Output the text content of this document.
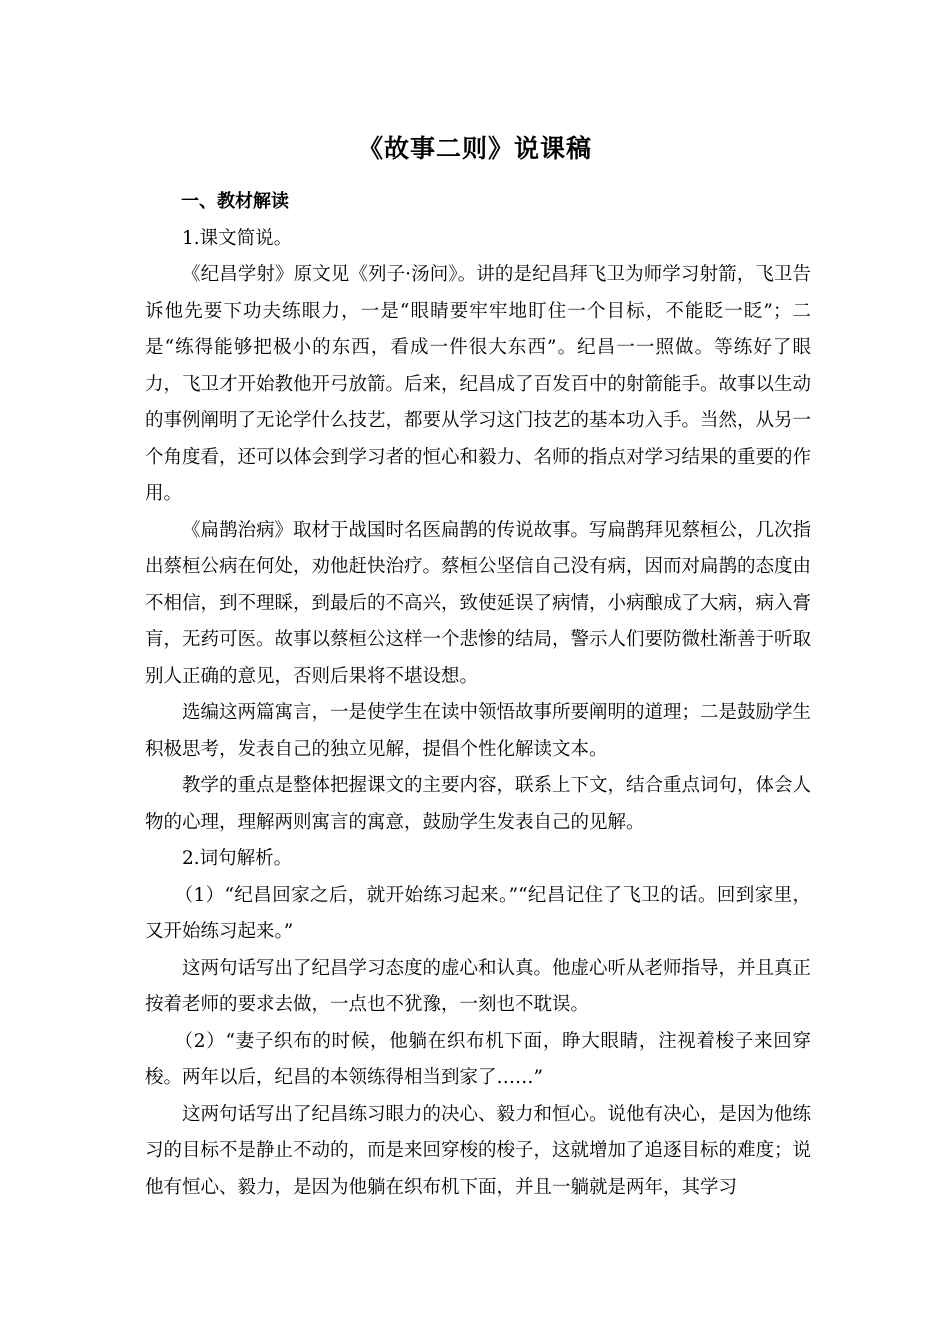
《故事二则》说课稿

一、教材解读

1.课文简说。

《纪昌学射》原文见《列子·汤问》。讲的是纪昌拜飞卫为师学习射箭，飞卫告诉他先要下功夫练眼力，一是“眼睛要牢牢地盯住一个目标，不能眨一眨”；二是“练得能够把极小的东西，看成一件很大东西”。纪昌一一照做。等练好了眼力，飞卫才开始教他开弓放箭。后来，纪昌成了百发百中的射箭能手。故事以生动的事例阐明了无论学什么技艺，都要从学习这门技艺的基本功入手。当然，从另一个角度看，还可以体会到学习者的恒心和毅力、名师的指点对学习结果的重要的作用。

《扁鹊治病》取材于战国时名医扁鹊的传说故事。写扁鹊拜见蔡桓公，几次指出蔡桓公病在何处，劝他赶快治疗。蔡桓公坚信自己没有病，因而对扁鹊的态度由不相信，到不理睬，到最后的不高兴，致使延误了病情，小病酿成了大病，病入膏肓，无药可医。故事以蔡桓公这样一个悲惨的结局，警示人们要防微杜渐善于听取别人正确的意见，否则后果将不堪设想。

选编这两篇寓言，一是使学生在读中领悟故事所要阐明的道理；二是鼓励学生积极思考，发表自己的独立见解，提倡个性化解读文本。

教学的重点是整体把握课文的主要内容，联系上下文，结合重点词句，体会人物的心理，理解两则寓言的寓意，鼓励学生发表自己的见解。

2.词句解析。

（1）“纪昌回家之后，就开始练习起来。”“纪昌记住了飞卫的话。回到家里，又开始练习起来。”

这两句话写出了纪昌学习态度的虚心和认真。他虚心听从老师指导，并且真正按着老师的要求去做，一点也不犹豫，一刻也不耽误。

（2）“妻子织布的时候，他躺在织布机下面，睁大眼睛，注视着梭子来回穿梭。两年以后，纪昌的本领练得相当到家了……”

这两句话写出了纪昌练习眼力的决心、毅力和恒心。说他有决心，是因为他练习的目标不是静止不动的，而是来回穿梭的梭子，这就增加了追逐目标的难度；说他有恒心、毅力，是因为他躺在织布机下面，并且一躺就是两年，其学习
